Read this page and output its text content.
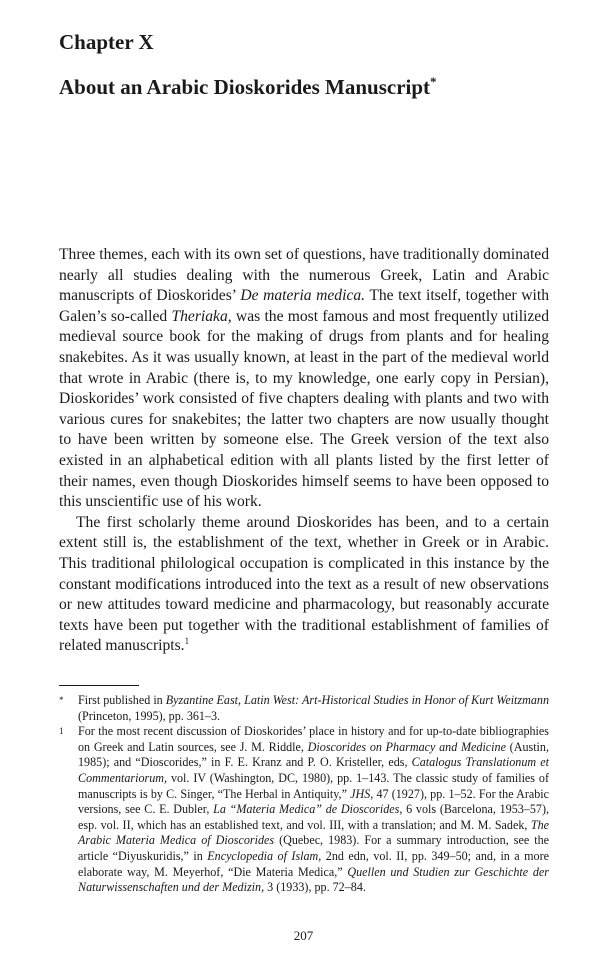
Chapter X
About an Arabic Dioskorides Manuscript*

Three themes, each with its own set of questions, have traditionally dominated nearly all studies dealing with the numerous Greek, Latin and Arabic manuscripts of Dioskorides’ De materia medica. The text itself, together with Galen’s so-called Theriaka, was the most famous and most frequently utilized medieval source book for the making of drugs from plants and for healing snakebites. As it was usually known, at least in the part of the medieval world that wrote in Arabic (there is, to my knowledge, one early copy in Persian), Dioskorides’ work consisted of five chapters dealing with plants and two with various cures for snakebites; the latter two chapters are now usually thought to have been written by someone else. The Greek version of the text also existed in an alphabetical edition with all plants listed by the first letter of their names, even though Dioskorides himself seems to have been opposed to this unscientific use of his work.

The first scholarly theme around Dioskorides has been, and to a certain extent still is, the establishment of the text, whether in Greek or in Arabic. This traditional philological occupation is complicated in this instance by the constant modifications introduced into the text as a result of new observations or new attitudes toward medicine and pharmacology, but reasonably accurate texts have been put together with the traditional establishment of families of related manuscripts.$^1$

* First published in Byzantine East, Latin West: Art-Historical Studies in Honor of Kurt Weitzmann (Princeton, 1995), pp. 361–3.

1 For the most recent discussion of Dioskorides’ place in history and for up-to-date bibliographies on Greek and Latin sources, see J. M. Riddle, Dioscorides on Pharmacy and Medicine (Austin, 1985); and “Dioscorides,” in F. E. Kranz and P. O. Kristeller, eds, Catalogus Translationum et Commentariorum, vol. IV (Washington, DC, 1980), pp. 1–143. The classic study of families of manuscripts is by C. Singer, “The Herbal in Antiquity,” JHS, 47 (1927), pp. 1–52. For the Arabic versions, see C. E. Dubler, La “Materia Medica” de Dioscorides, 6 vols (Barcelona, 1953–57), esp. vol. II, which has an established text, and vol. III, with a translation; and M. M. Sadek, The Arabic Materia Medica of Dioscorides (Quebec, 1983). For a summary introduction, see the article “Diyuskuridis,” in Encyclopedia of Islam, 2nd edn, vol. II, pp. 349–50; and, in a more elaborate way, M. Meyerhof, “Die Materia Medica,” Quellen und Studien zur Geschichte der Naturwissenschaften und der Medizin, 3 (1933), pp. 72–84.

207
